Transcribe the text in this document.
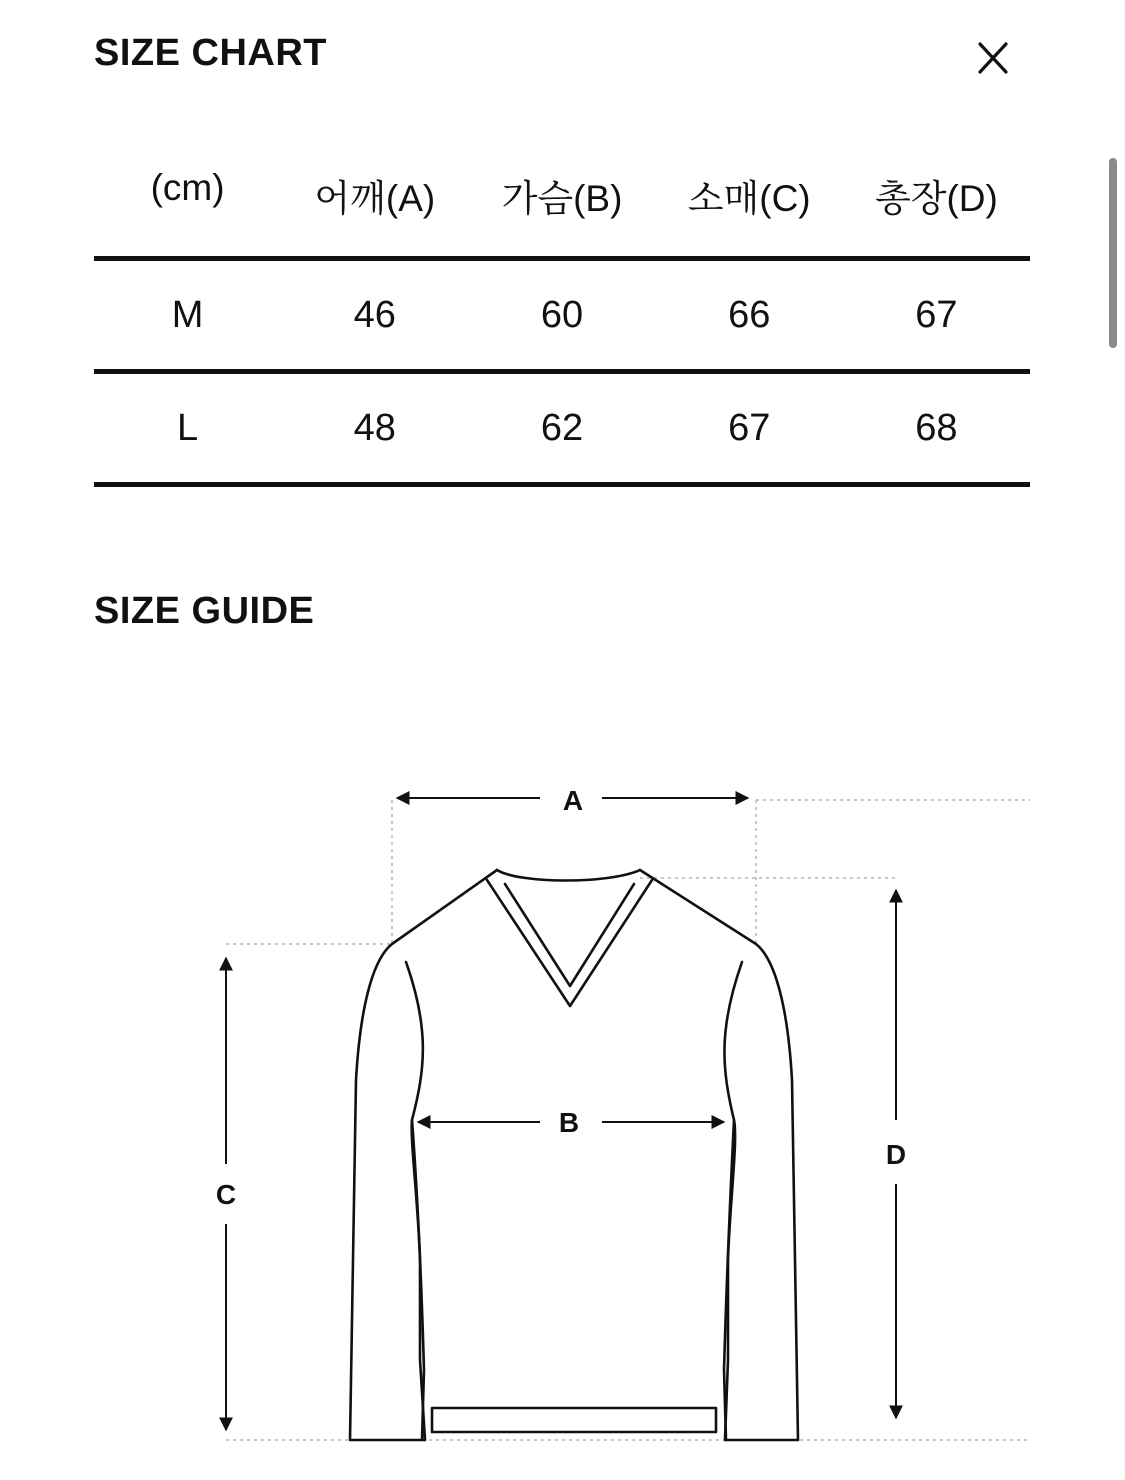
SIZE CHART
(cm)	어깨(A)	가슴(B)	소매(C)	총장(D)
M	46	60	66	67
L	48	62	67	68
SIZE GUIDE
A
B
C
D
